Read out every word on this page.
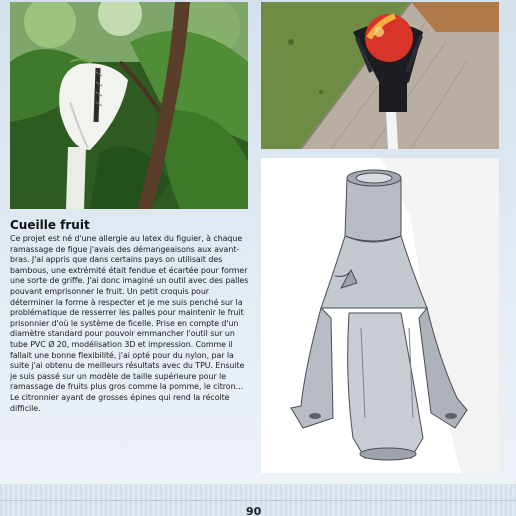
Cueille fruit

Ce projet est né d'une allergie au latex du figuier, à chaque ramassage de figue j'avais des démangeaisons aux avant-bras. J'ai appris que dans certains pays on utilisait des bambous, une extrémité était fendue et écartée pour former une sorte de griffe. J'ai donc imaginé un outil avec des palles pouvant emprisonner le fruit. Un petit croquis pour déterminer la forme à respecter et je me suis penché sur la problématique de resserrer les palles pour maintenir le fruit prisonnier d'où le système de ficelle. Prise en compte d'un diamètre standard pour pouvoir emmancher l'outil sur un tube PVC Ø 20, modélisation 3D et impression. Comme il fallait une bonne flexibilité, j'ai opté pour du nylon, par la suite j'ai obtenu de meilleurs résultats avec du TPU. Ensuite je suis passé sur un modèle de taille supérieure pour le ramassage de fruits plus gros comme la pomme, le citron… Le citronnier ayant de grosses épines qui rend la récolte difficile.

90
